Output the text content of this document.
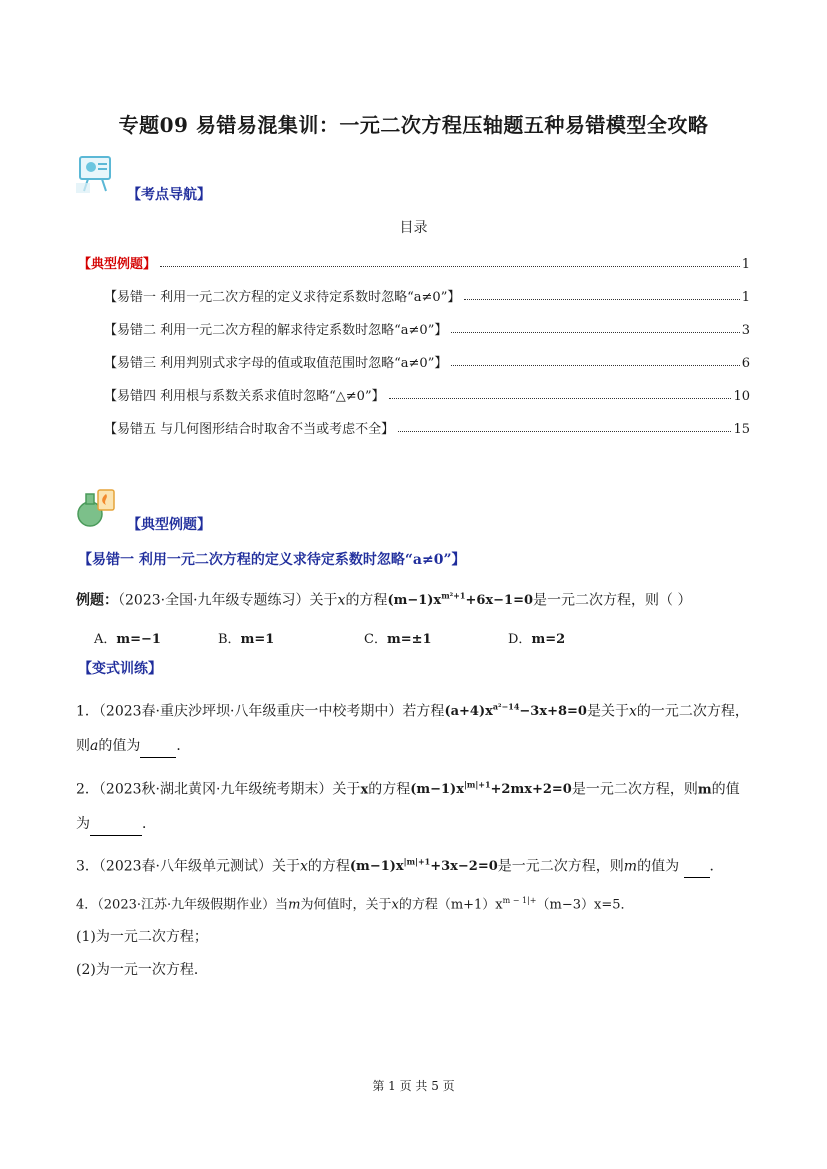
专题09 易错易混集训：一元二次方程压轴题五种易错模型全攻略
【考点导航】
目录
【典型例题】	1
【易错一 利用一元二次方程的定义求待定系数时忽略“a≠0”】	1
【易错二 利用一元二次方程的解求待定系数时忽略“a≠0”】	3
【易错三 利用判别式求字母的值或取值范围时忽略“a≠0”】	6
【易错四 利用根与系数关系求值时忽略“△≠0”】	10
【易错五 与几何图形结合时取舍不当或考虑不全】	15
【典型例题】
【易错一 利用一元二次方程的定义求待定系数时忽略“a≠0”】
例题：（2023·全国·九年级专题练习）关于x的方程$(m-1)x^{m^2+1}+6x-1=0$是一元二次方程，则（ ）
A．m=−1	B．m=1	C．m=±1	D．m=2
【变式训练】
1．（2023春·重庆沙坪坝·八年级重庆一中校考期中）若方程$(a+4)x^{a^2-14}-3x+8=0$是关于x的一元二次方程，
则a的值为	．
2．（2023秋·湖北黄冈·九年级统考期末）关于x的方程$(m-1)x^{|m|+1}+2mx+2=0$是一元二次方程，则m的值
为	．
3．（2023春·八年级单元测试）关于x的方程$(m-1)x^{|m|+1}+3x-2=0$是一元二次方程，则m的值为 ．
4．（2023·江苏·九年级假期作业）当m为何值时，关于x的方程$(m+1)x^{m - 1|+}(m-3)x=5$．
(1)为一元二次方程；
(2)为一元一次方程．
第 1 页 共 5 页
